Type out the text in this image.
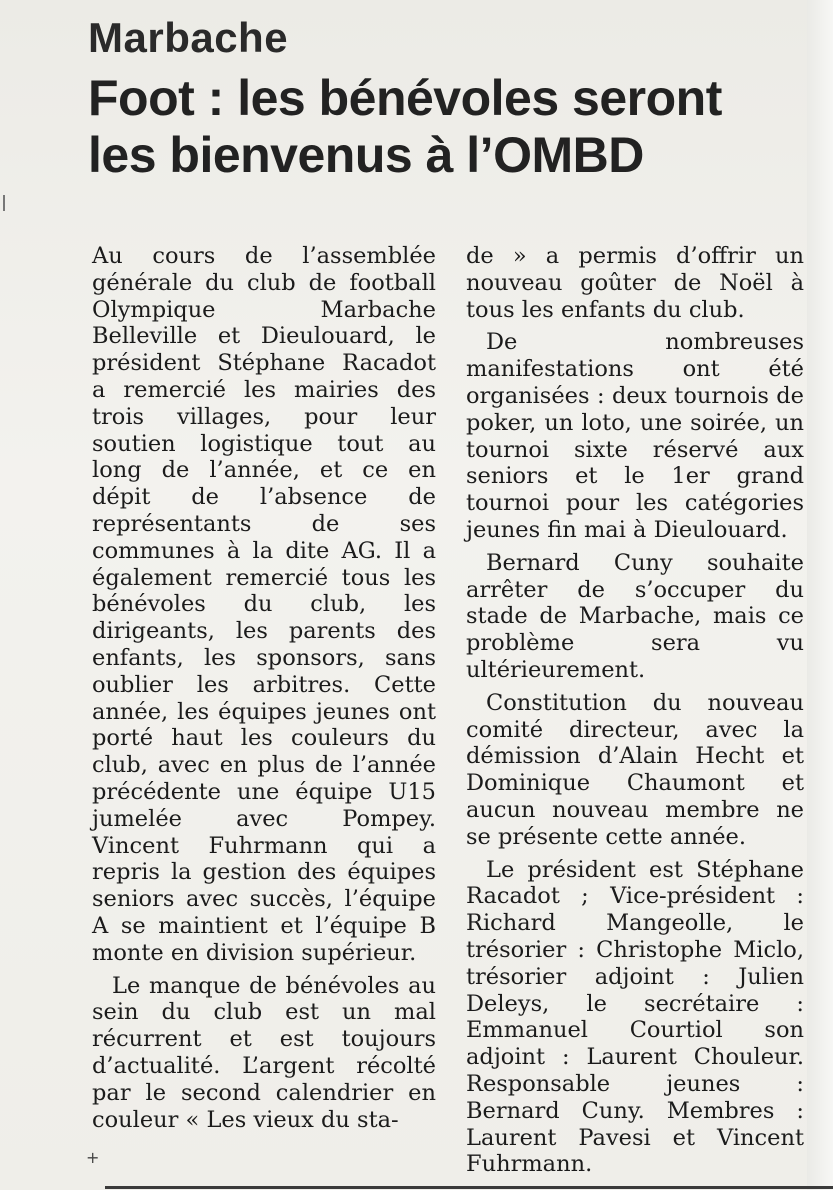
Marbache
Foot : les bénévoles seront les bienvenus à l’OMBD

Au cours de l’assemblée générale du club de football Olympique Marbache Belleville et Dieulouard, le président Stéphane Racadot a remercié les mairies des trois villages, pour leur soutien logistique tout au long de l’année, et ce en dépit de l’absence de représentants de ses communes à la dite AG. Il a également remercié tous les bénévoles du club, les dirigeants, les parents des enfants, les sponsors, sans oublier les arbitres. Cette année, les équipes jeunes ont porté haut les couleurs du club, avec en plus de l’année précédente une équipe U15 jumelée avec Pompey. Vincent Fuhrmann qui a repris la gestion des équipes seniors avec succès, l’équipe A se maintient et l’équipe B monte en division supérieur.

Le manque de bénévoles au sein du club est un mal récurrent et est toujours d’actualité. L’argent récolté par le second calendrier en couleur « Les vieux du sta-

de » a permis d’offrir un nouveau goûter de Noël à tous les enfants du club.

De nombreuses manifestations ont été organisées : deux tournois de poker, un loto, une soirée, un tournoi sixte réservé aux seniors et le 1er grand tournoi pour les catégories jeunes fin mai à Dieulouard.

Bernard Cuny souhaite arrêter de s’occuper du stade de Marbache, mais ce problème sera vu ultérieurement.

Constitution du nouveau comité directeur, avec la démission d’Alain Hecht et Dominique Chaumont et aucun nouveau membre ne se présente cette année.

Le président est Stéphane Racadot ; Vice-président : Richard Mangeolle, le trésorier : Christophe Miclo, trésorier adjoint : Julien Deleys, le secrétaire : Emmanuel Courtiol son adjoint : Laurent Chouleur. Responsable jeunes : Bernard Cuny. Membres : Laurent Pavesi et Vincent Fuhrmann.

+
